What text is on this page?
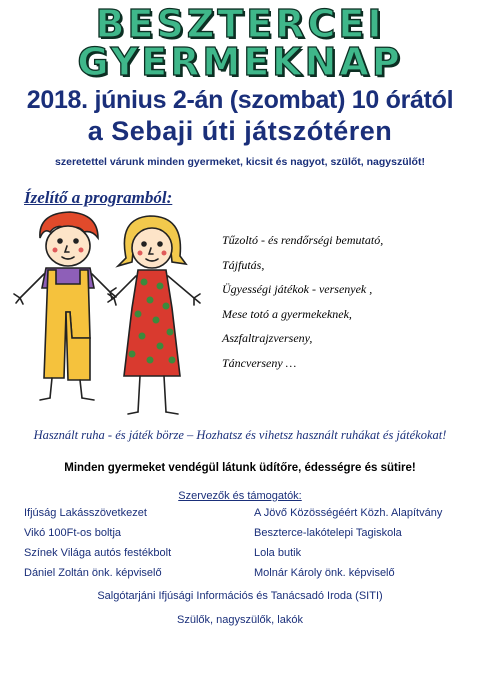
BESZTERCEI
GYERMEKNAP
2018. június 2-án (szombat) 10 órától
a Sebaji úti játszótéren
szeretettel várunk minden gyermeket, kicsit és nagyot, szülőt, nagyszülőt!
Ízelítő a programból:
Tűzoltó - és rendőrségi bemutató,
Tájfutás,
Ügyességi játékok - versenyek ,
Mese totó a gyermekeknek,
Aszfaltrajzverseny,
Táncverseny …
Használt ruha - és játék börze – Hozhatsz és vihetsz használt ruhákat és játékokat!
Minden gyermeket vendégül látunk üdítőre, édességre és sütire!
Szervezők és támogatók:
Ifjúság Lakásszövetkezet
Vikó 100Ft-os boltja
Színek Világa autós festékbolt
Dániel Zoltán önk. képviselő
A Jövő Közösségéért Közh. Alapítvány
Beszterce-lakótelepi Tagiskola
Lola butik
Molnár Károly önk. képviselő
Salgótarjáni Ifjúsági Információs és Tanácsadó Iroda (SITI)
Szülők, nagyszülők, lakók
